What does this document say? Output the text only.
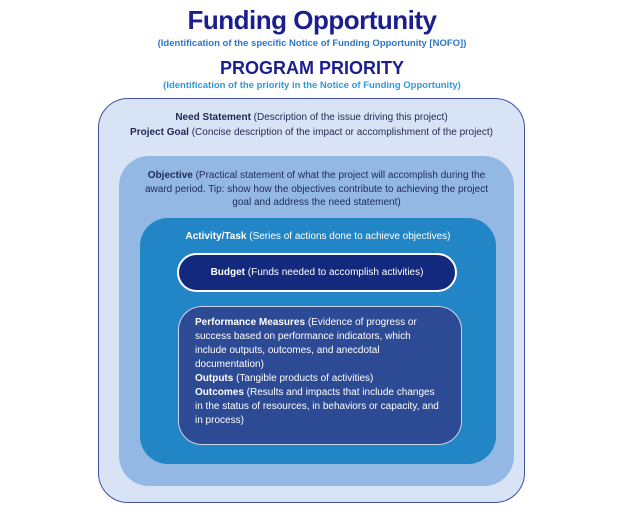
Funding Opportunity
(Identification of the specific Notice of Funding Opportunity [NOFO])
PROGRAM PRIORITY
(Identification of the priority in the Notice of Funding Opportunity)
Need Statement (Description of the issue driving this project)
Project Goal (Concise description of the impact or accomplishment of the project)
Objective (Practical statement of what the project will accomplish during the award period. Tip: show how the objectives contribute to achieving the project goal and address the need statement)
Activity/Task (Series of actions done to achieve objectives)
Budget (Funds needed to accomplish activities)
Performance Measures (Evidence of progress or success based on performance indicators, which include outputs, outcomes, and anecdotal documentation)
Outputs (Tangible products of activities)
Outcomes (Results and impacts that include changes in the status of resources, in behaviors or capacity, and in process)
